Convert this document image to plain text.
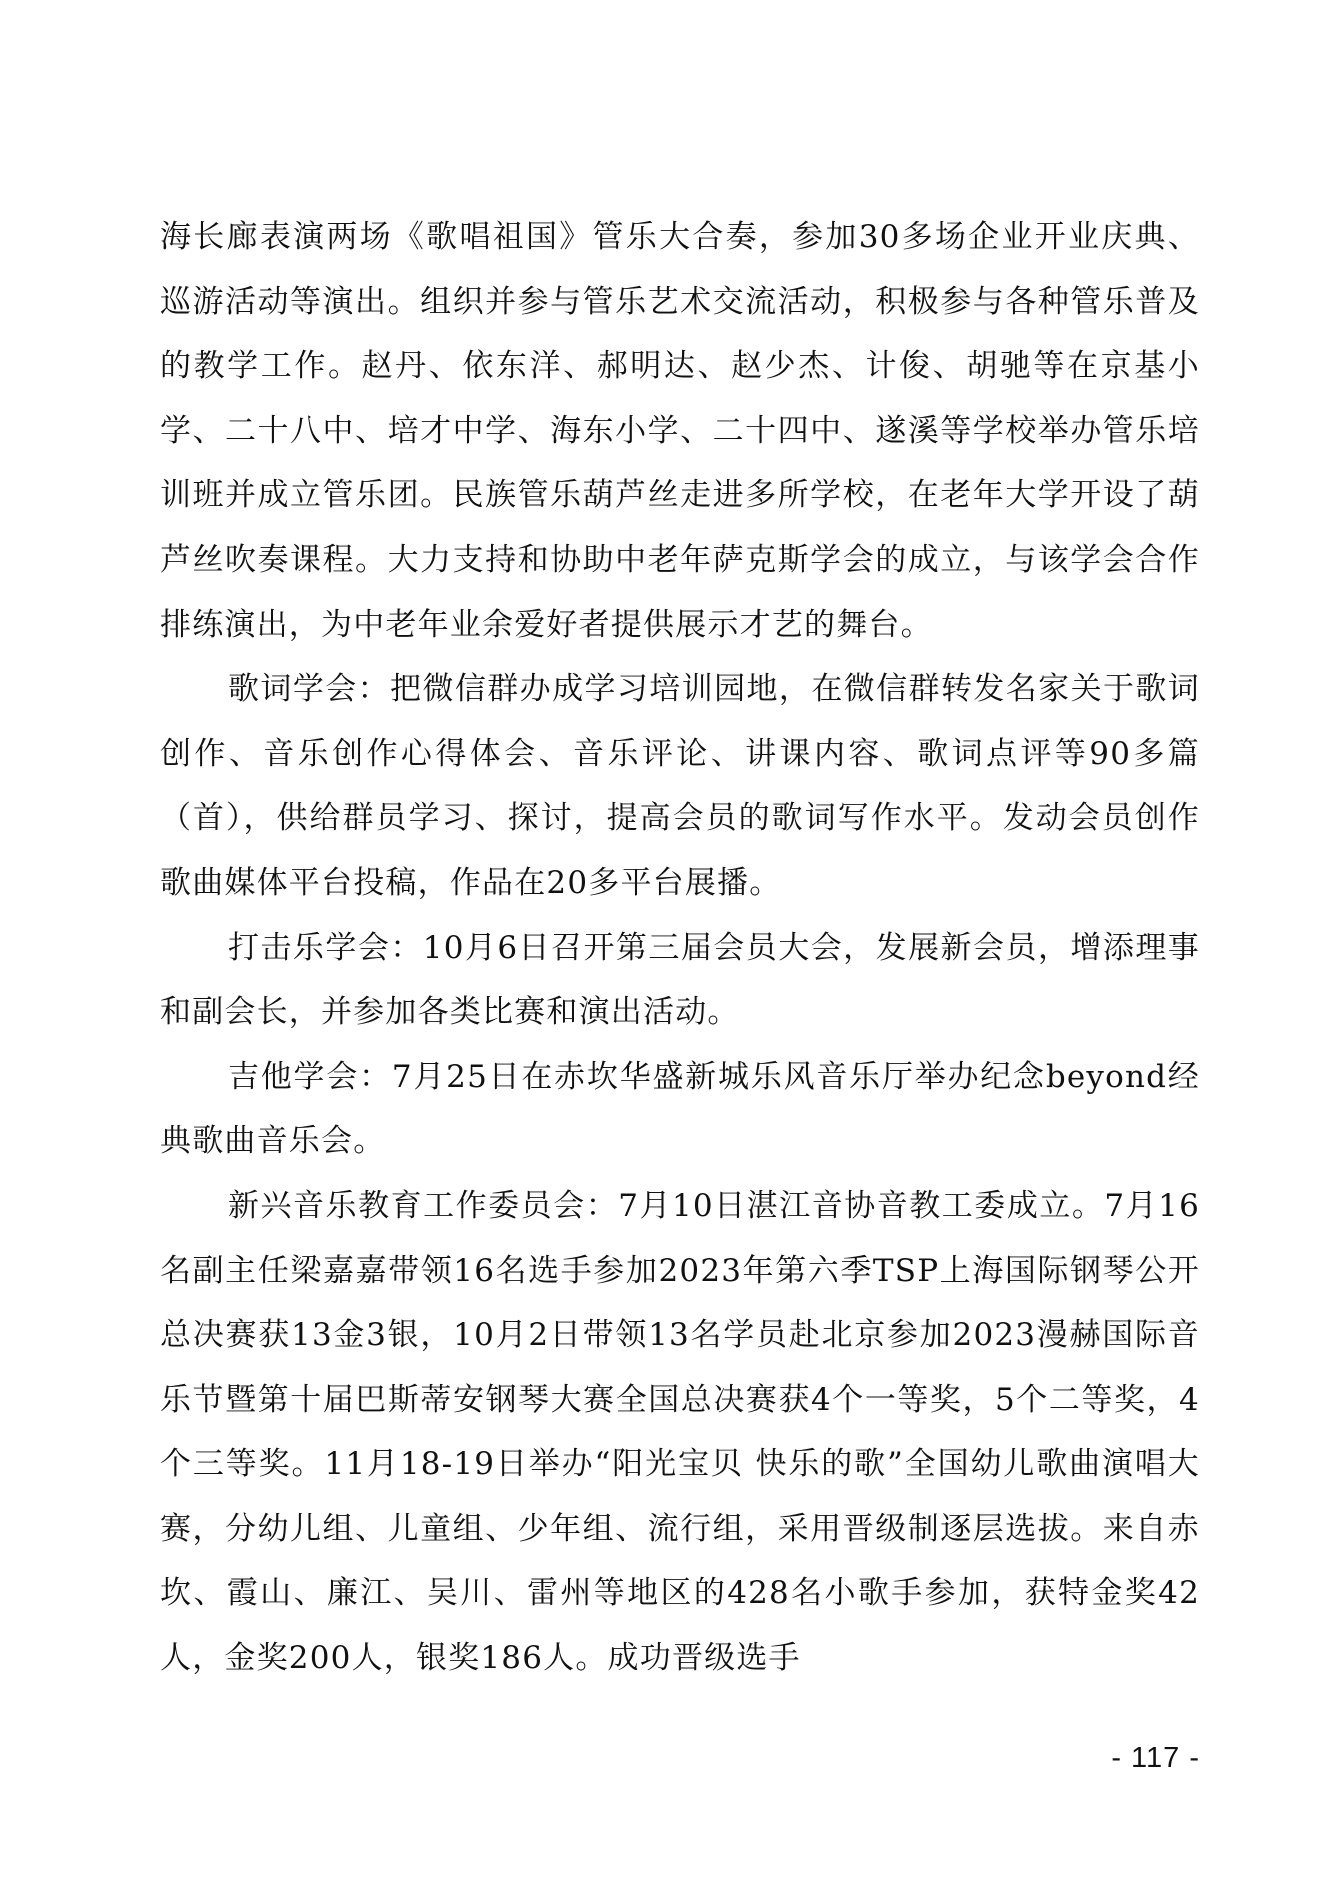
海长廊表演两场《歌唱祖国》管乐大合奏，参加30多场企业开业庆典、巡游活动等演出。组织并参与管乐艺术交流活动，积极参与各种管乐普及的教学工作。赵丹、依东洋、郝明达、赵少杰、计俊、胡驰等在京基小学、二十八中、培才中学、海东小学、二十四中、遂溪等学校举办管乐培训班并成立管乐团。民族管乐葫芦丝走进多所学校，在老年大学开设了葫芦丝吹奏课程。大力支持和协助中老年萨克斯学会的成立，与该学会合作排练演出，为中老年业余爱好者提供展示才艺的舞台。

歌词学会：把微信群办成学习培训园地，在微信群转发名家关于歌词创作、音乐创作心得体会、音乐评论、讲课内容、歌词点评等90多篇（首），供给群员学习、探讨，提高会员的歌词写作水平。发动会员创作歌曲媒体平台投稿，作品在20多平台展播。

打击乐学会：10月6日召开第三届会员大会，发展新会员，增添理事和副会长，并参加各类比赛和演出活动。

吉他学会：7月25日在赤坎华盛新城乐风音乐厅举办纪念beyond经典歌曲音乐会。

新兴音乐教育工作委员会：7月10日湛江音协音教工委成立。7月16名副主任梁嘉嘉带领16名选手参加2023年第六季TSP上海国际钢琴公开总决赛获13金3银，10月2日带领13名学员赴北京参加2023漫赫国际音乐节暨第十届巴斯蒂安钢琴大赛全国总决赛获4个一等奖，5个二等奖，4个三等奖。11月18-19日举办“阳光宝贝 快乐的歌”全国幼儿歌曲演唱大赛，分幼儿组、儿童组、少年组、流行组，采用晋级制逐层选拔。来自赤坎、霞山、廉江、吴川、雷州等地区的428名小歌手参加，获特金奖42人，金奖200人，银奖186人。成功晋级选手

- 117 -
